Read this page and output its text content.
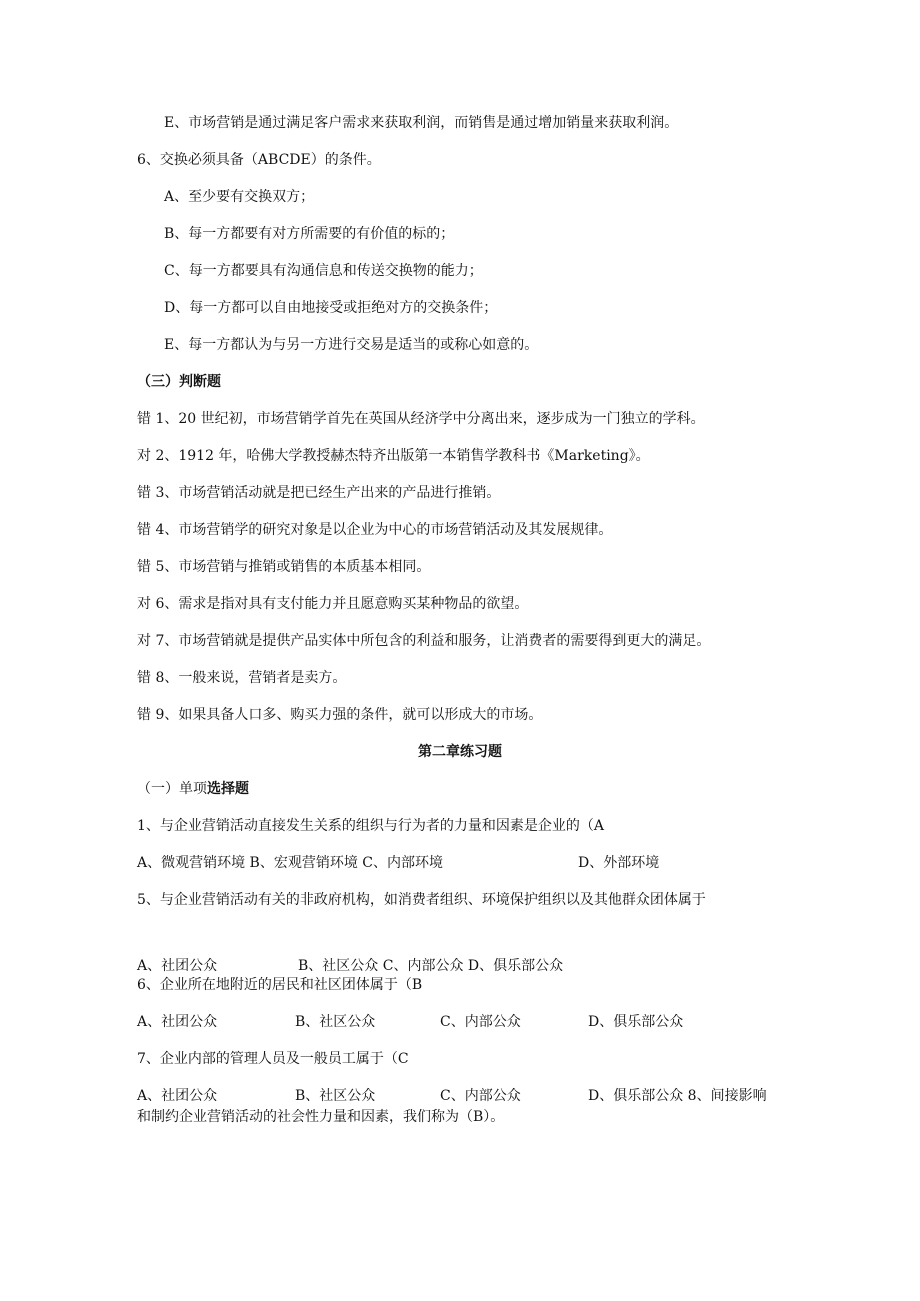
E、市场营销是通过满足客户需求来获取利润，而销售是通过增加销量来获取利润。
6、交换必须具备（ABCDE）的条件。
A、至少要有交换双方；
B、每一方都要有对方所需要的有价值的标的；
C、每一方都要具有沟通信息和传送交换物的能力；
D、每一方都可以自由地接受或拒绝对方的交换条件；
E、每一方都认为与另一方进行交易是适当的或称心如意的。
（三）判断题
错 1、20 世纪初，市场营销学首先在英国从经济学中分离出来，逐步成为一门独立的学科。
对 2、1912 年，哈佛大学教授赫杰特齐出版第一本销售学教科书《Marketing》。
错 3、市场营销活动就是把已经生产出来的产品进行推销。
错 4、市场营销学的研究对象是以企业为中心的市场营销活动及其发展规律。
错 5、市场营销与推销或销售的本质基本相同。
对 6、需求是指对具有支付能力并且愿意购买某种物品的欲望。
对 7、市场营销就是提供产品实体中所包含的利益和服务，让消费者的需要得到更大的满足。
错 8、一般来说，营销者是卖方。
错 9、如果具备人口多、购买力强的条件，就可以形成大的市场。
第二章练习题
（一）单项选择题
1、与企业营销活动直接发生关系的组织与行为者的力量和因素是企业的（A
A、微观营销环境 B、宏观营销环境 C、内部环境	D、外部环境
5、与企业营销活动有关的非政府机构，如消费者组织、环境保护组织以及其他群众团体属于
A、社团公众	B、社区公众 C、内部公众 D、俱乐部公众
6、企业所在地附近的居民和社区团体属于（B
A、社团公众	B、社区公众	C、内部公众	D、俱乐部公众
7、企业内部的管理人员及一般员工属于（C
A、社团公众	B、社区公众	C、内部公众	D、俱乐部公众 8、间接影响
和制约企业营销活动的社会性力量和因素，我们称为（B）。
